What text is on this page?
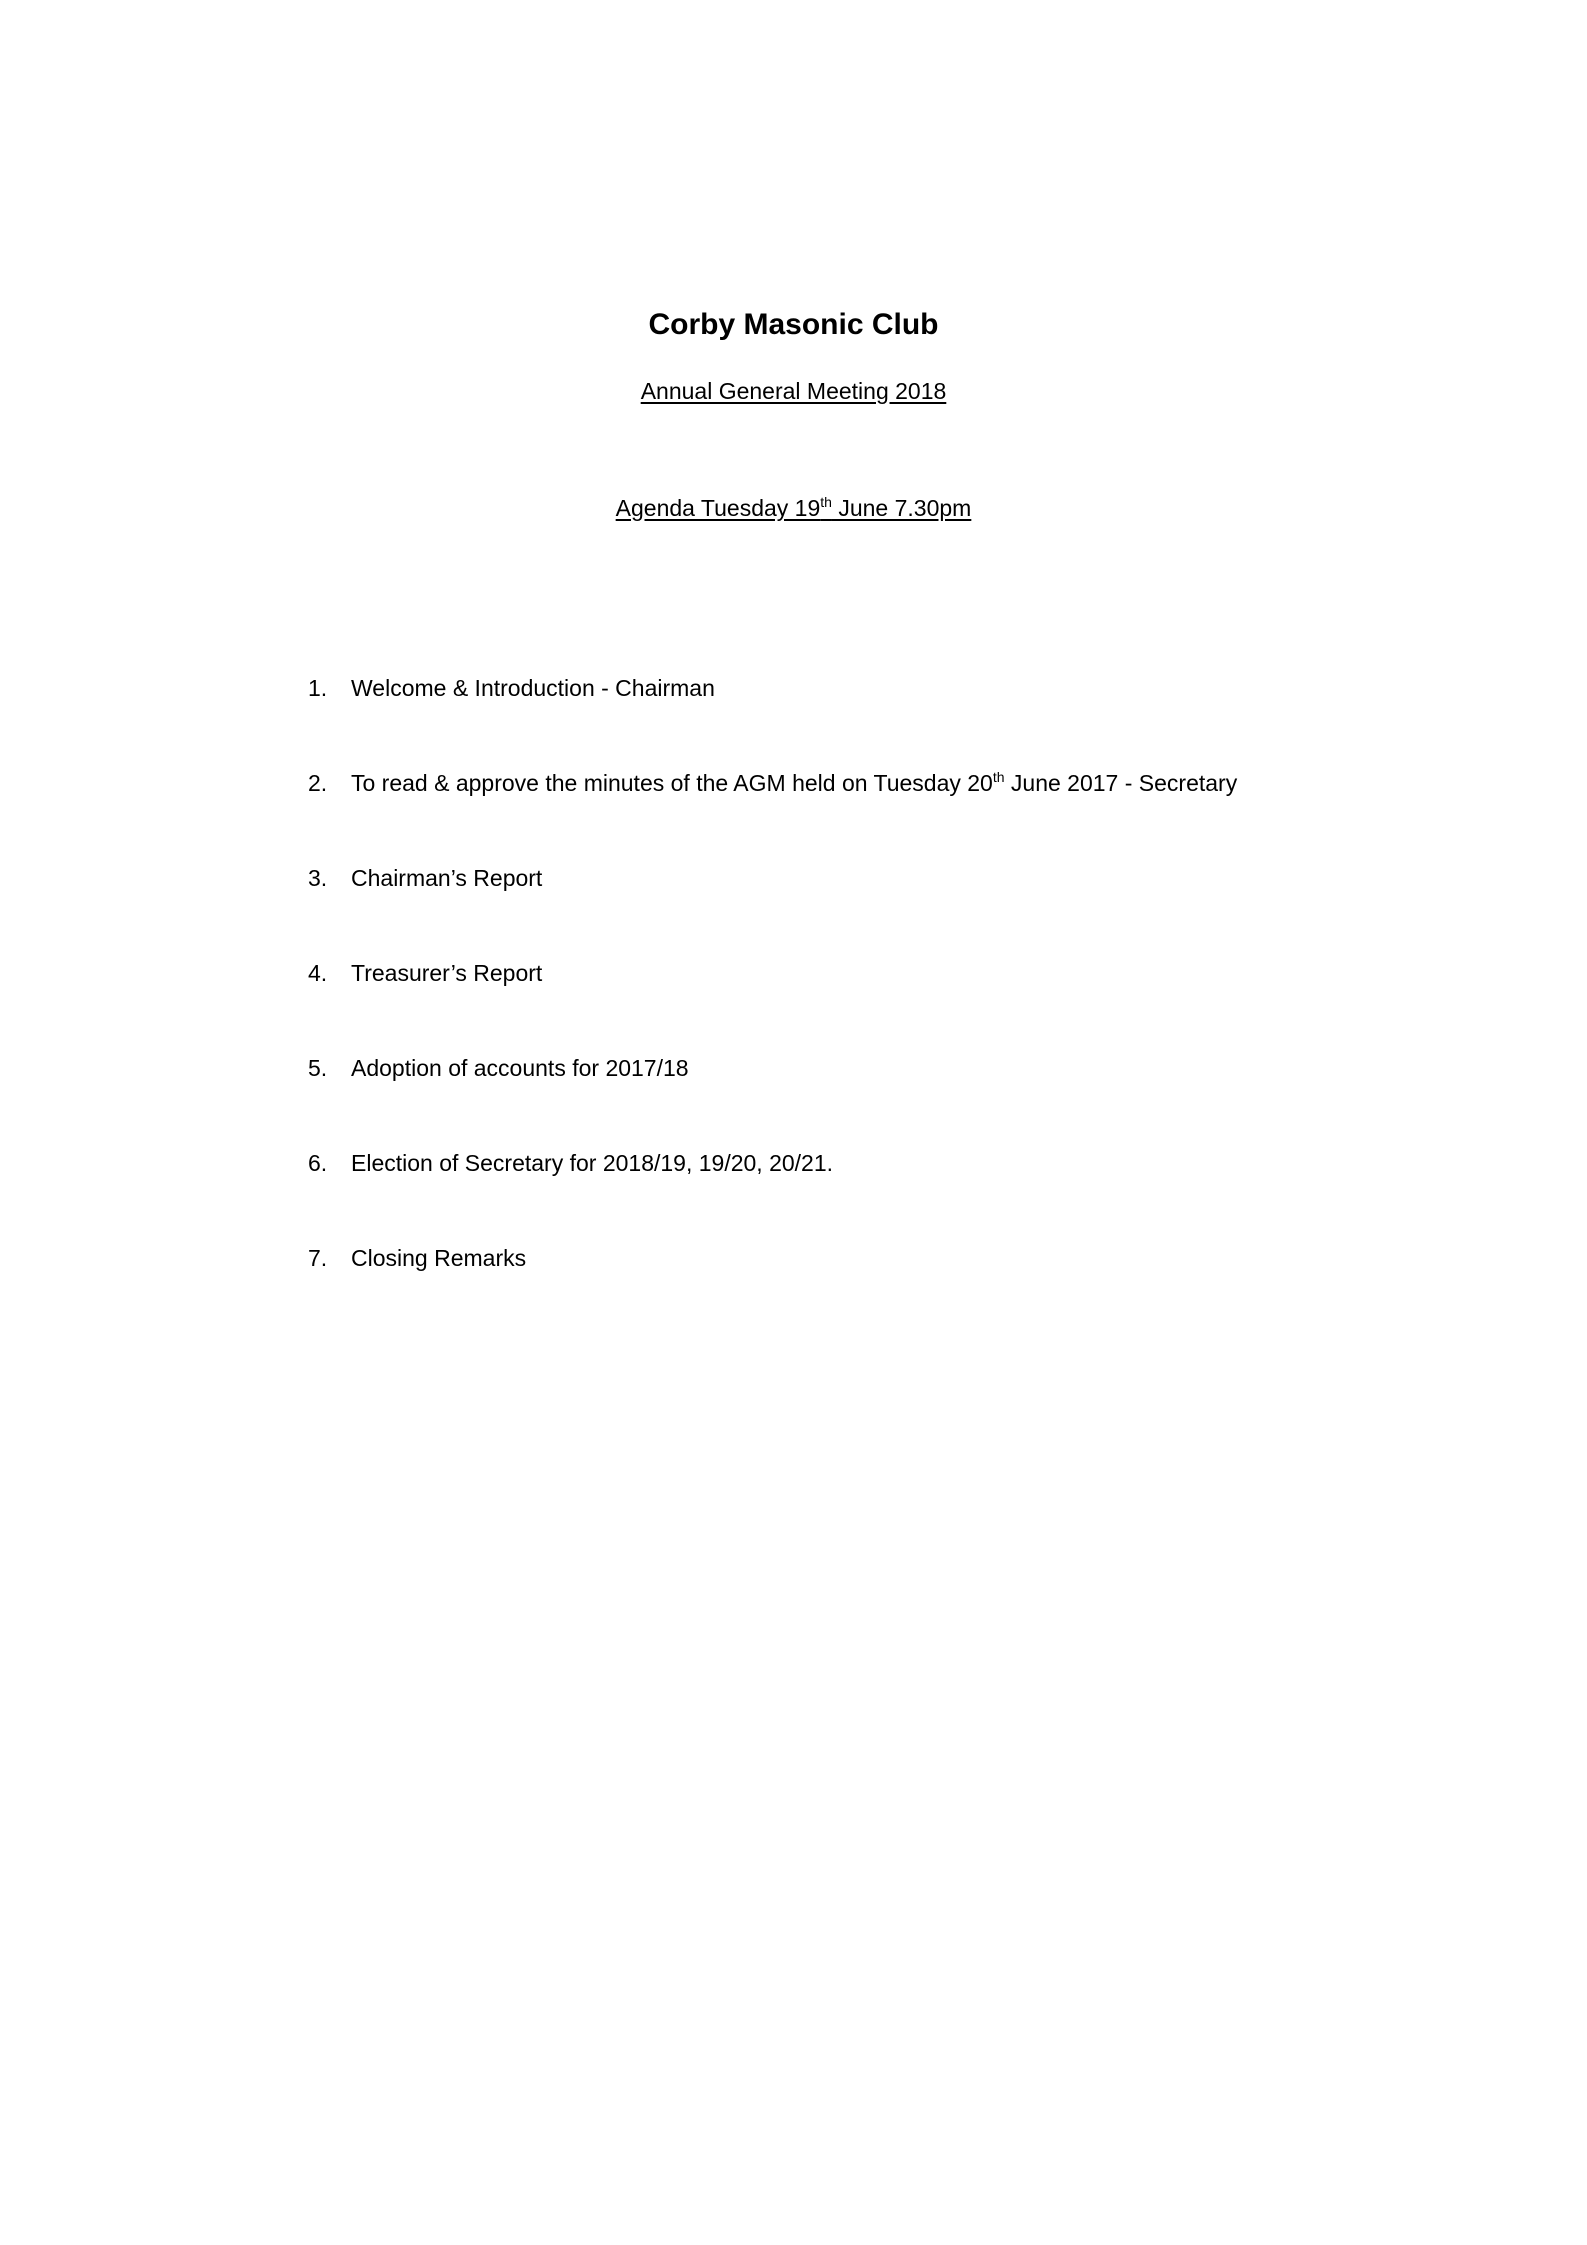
Corby Masonic Club
Annual General Meeting 2018
Agenda Tuesday 19th June 7.30pm
1.	Welcome & Introduction - Chairman
2.	To read & approve the minutes of the AGM held on Tuesday 20th June 2017 - Secretary
3.	Chairman’s Report
4.	Treasurer’s Report
5.	Adoption of accounts for 2017/18
6.	Election of Secretary for 2018/19, 19/20, 20/21.
7.	Closing Remarks
